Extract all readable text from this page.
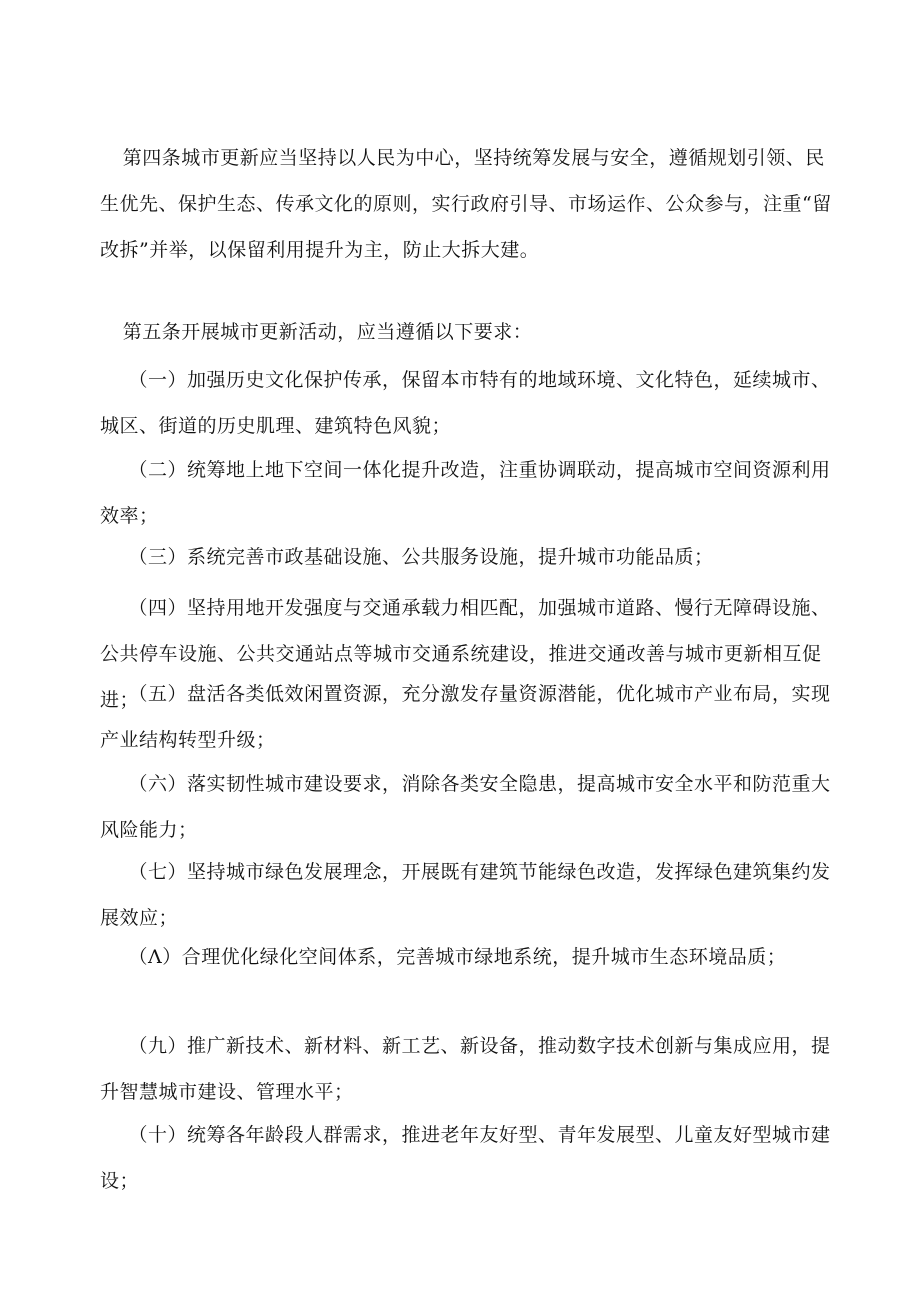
第四条城市更新应当坚持以人民为中心，坚持统筹发展与安全，遵循规划引领、民生优先、保护生态、传承文化的原则，实行政府引导、市场运作、公众参与，注重“留改拆”并举，以保留利用提升为主，防止大拆大建。

第五条开展城市更新活动，应当遵循以下要求：

（一）加强历史文化保护传承，保留本市特有的地域环境、文化特色，延续城市、城区、街道的历史肌理、建筑特色风貌；

（二）统筹地上地下空间一体化提升改造，注重协调联动，提高城市空间资源利用效率；

（三）系统完善市政基础设施、公共服务设施，提升城市功能品质；

（四）坚持用地开发强度与交通承载力相匹配，加强城市道路、慢行无障碍设施、公共停车设施、公共交通站点等城市交通系统建设，推进交通改善与城市更新相互促进；

（五）盘活各类低效闲置资源，充分激发存量资源潜能，优化城市产业布局，实现产业结构转型升级；

（六）落实韧性城市建设要求，消除各类安全隐患，提高城市安全水平和防范重大风险能力；

（七）坚持城市绿色发展理念，开展既有建筑节能绿色改造，发挥绿色建筑集约发展效应；

（Λ）合理优化绿化空间体系，完善城市绿地系统，提升城市生态环境品质；

（九）推广新技术、新材料、新工艺、新设备，推动数字技术创新与集成应用，提升智慧城市建设、管理水平；

（十）统筹各年龄段人群需求，推进老年友好型、青年发展型、儿童友好型城市建设；
